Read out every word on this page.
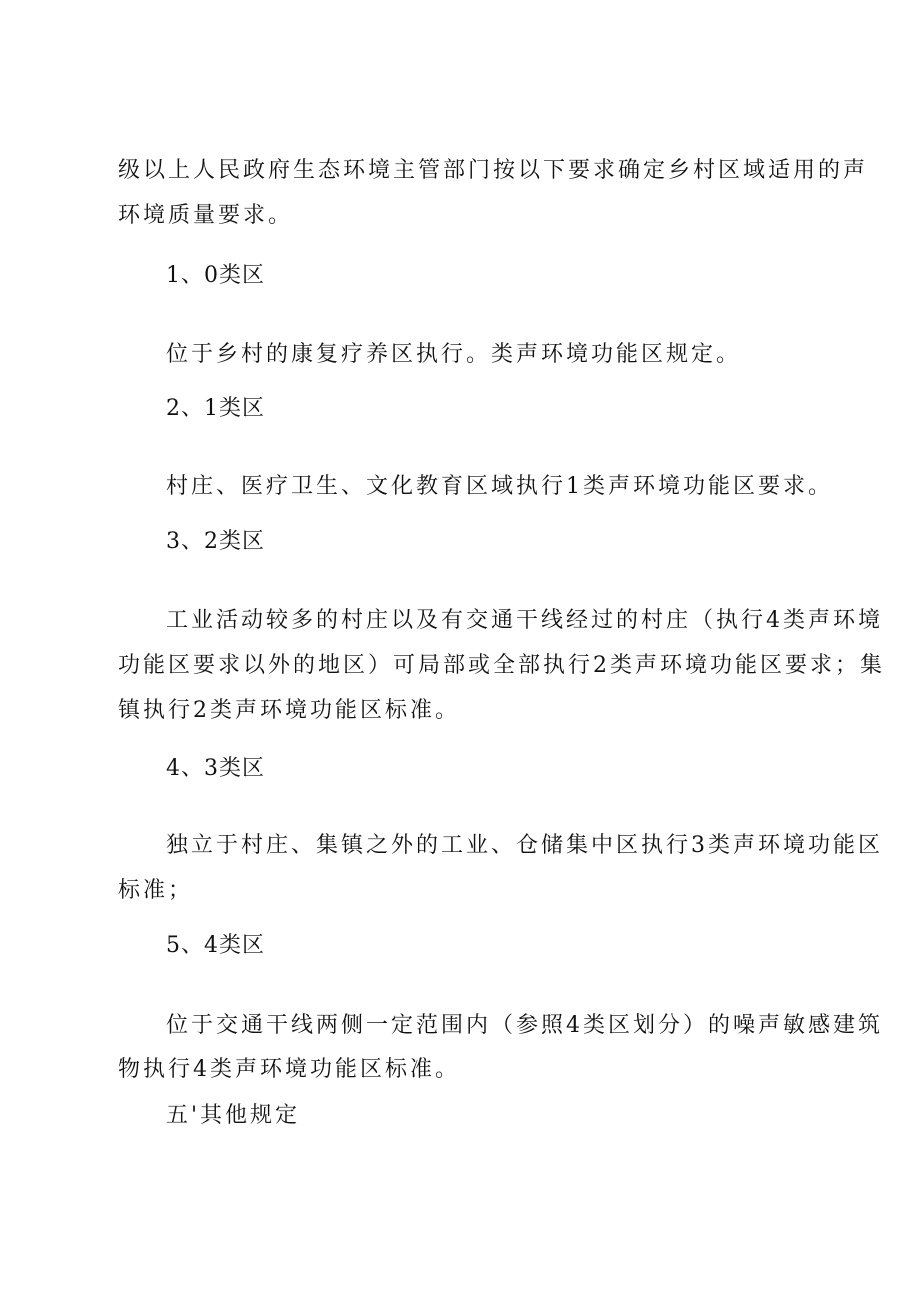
级以上人民政府生态环境主管部门按以下要求确定乡村区域适用的声
环境质量要求。
1、0类区
位于乡村的康复疗养区执行。类声环境功能区规定。
2、1类区
村庄、医疗卫生、文化教育区域执行1类声环境功能区要求。
3、2类区
工业活动较多的村庄以及有交通干线经过的村庄（执行4类声环境
功能区要求以外的地区）可局部或全部执行2类声环境功能区要求；集
镇执行2类声环境功能区标准。
4、3类区
独立于村庄、集镇之外的工业、仓储集中区执行3类声环境功能区
标准；
5、4类区
位于交通干线两侧一定范围内（参照4类区划分）的噪声敏感建筑
物执行4类声环境功能区标准。
五'其他规定
